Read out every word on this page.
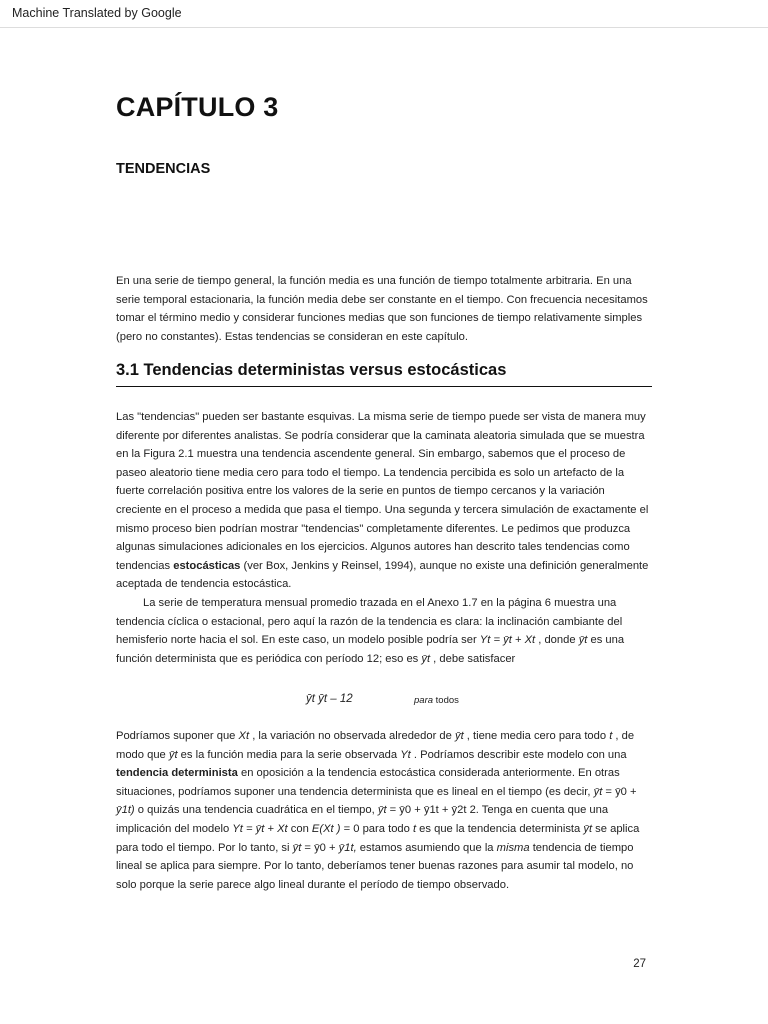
Machine Translated by Google
CAPÍTULO 3
TENDENCIAS

En una serie de tiempo general, la función media es una función de tiempo totalmente arbitraria. En una serie temporal estacionaria, la función media debe ser constante en el tiempo. Con frecuencia necesitamos tomar el término medio y considerar funciones medias que son funciones de tiempo relativamente simples (pero no constantes). Estas tendencias se consideran en este capítulo.

3.1 Tendencias deterministas versus estocásticas

Las "tendencias" pueden ser bastante esquivas. La misma serie de tiempo puede ser vista de manera muy diferente por diferentes analistas. Se podría considerar que la caminata aleatoria simulada que se muestra en la Figura 2.1 muestra una tendencia ascendente general. Sin embargo, sabemos que el proceso de paseo aleatorio tiene media cero para todo el tiempo. La tendencia percibida es solo un artefacto de la fuerte correlación positiva entre los valores de la serie en puntos de tiempo cercanos y la variación creciente en el proceso a medida que pasa el tiempo. Una segunda y tercera simulación de exactamente el mismo proceso bien podrían mostrar "tendencias" completamente diferentes. Le pedimos que produzca algunas simulaciones adicionales en los ejercicios. Algunos autores han descrito tales tendencias como tendencias estocásticas (ver Box, Jenkins y Reinsel, 1994), aunque no existe una definición generalmente aceptada de tendencia estocástica.
La serie de temperatura mensual promedio trazada en el Anexo 1.7 en la página 6 muestra una tendencia cíclica o estacional, pero aquí la razón de la tendencia es clara: la inclinación cambiante del hemisferio norte hacia el sol. En este caso, un modelo posible podría ser Yt = ӯt + Xt , donde ӯt es una función determinista que es periódica con período 12; eso es ӯt , debe satisfacer

ӯt ӯt – 12	para todos

Podríamos suponer que Xt , la variación no observada alrededor de ӯt , tiene media cero para todo t , de modo que ӯt es la función media para la serie observada Yt . Podríamos describir este modelo con una tendencia determinista en oposición a la tendencia estocástica considerada anteriormente. En otras situaciones, podríamos suponer una tendencia determinista que es lineal en el tiempo (es decir, ӯt = ӯ0 + ӯ1t) o quizás una tendencia cuadrática en el tiempo, ӯt = ӯ0 + ӯ1t + ӯ2t 2. Tenga en cuenta que una implicación del modelo Yt = ӯt + Xt con E(Xt ) = 0 para todo t es que la tendencia determinista ӯt se aplica para todo el tiempo. Por lo tanto, si ӯt = ӯ0 + ӯ1t, estamos asumiendo que la misma tendencia de tiempo lineal se aplica para siempre. Por lo tanto, deberíamos tener buenas razones para asumir tal modelo, no solo porque la serie parece algo lineal durante el período de tiempo observado.

27
